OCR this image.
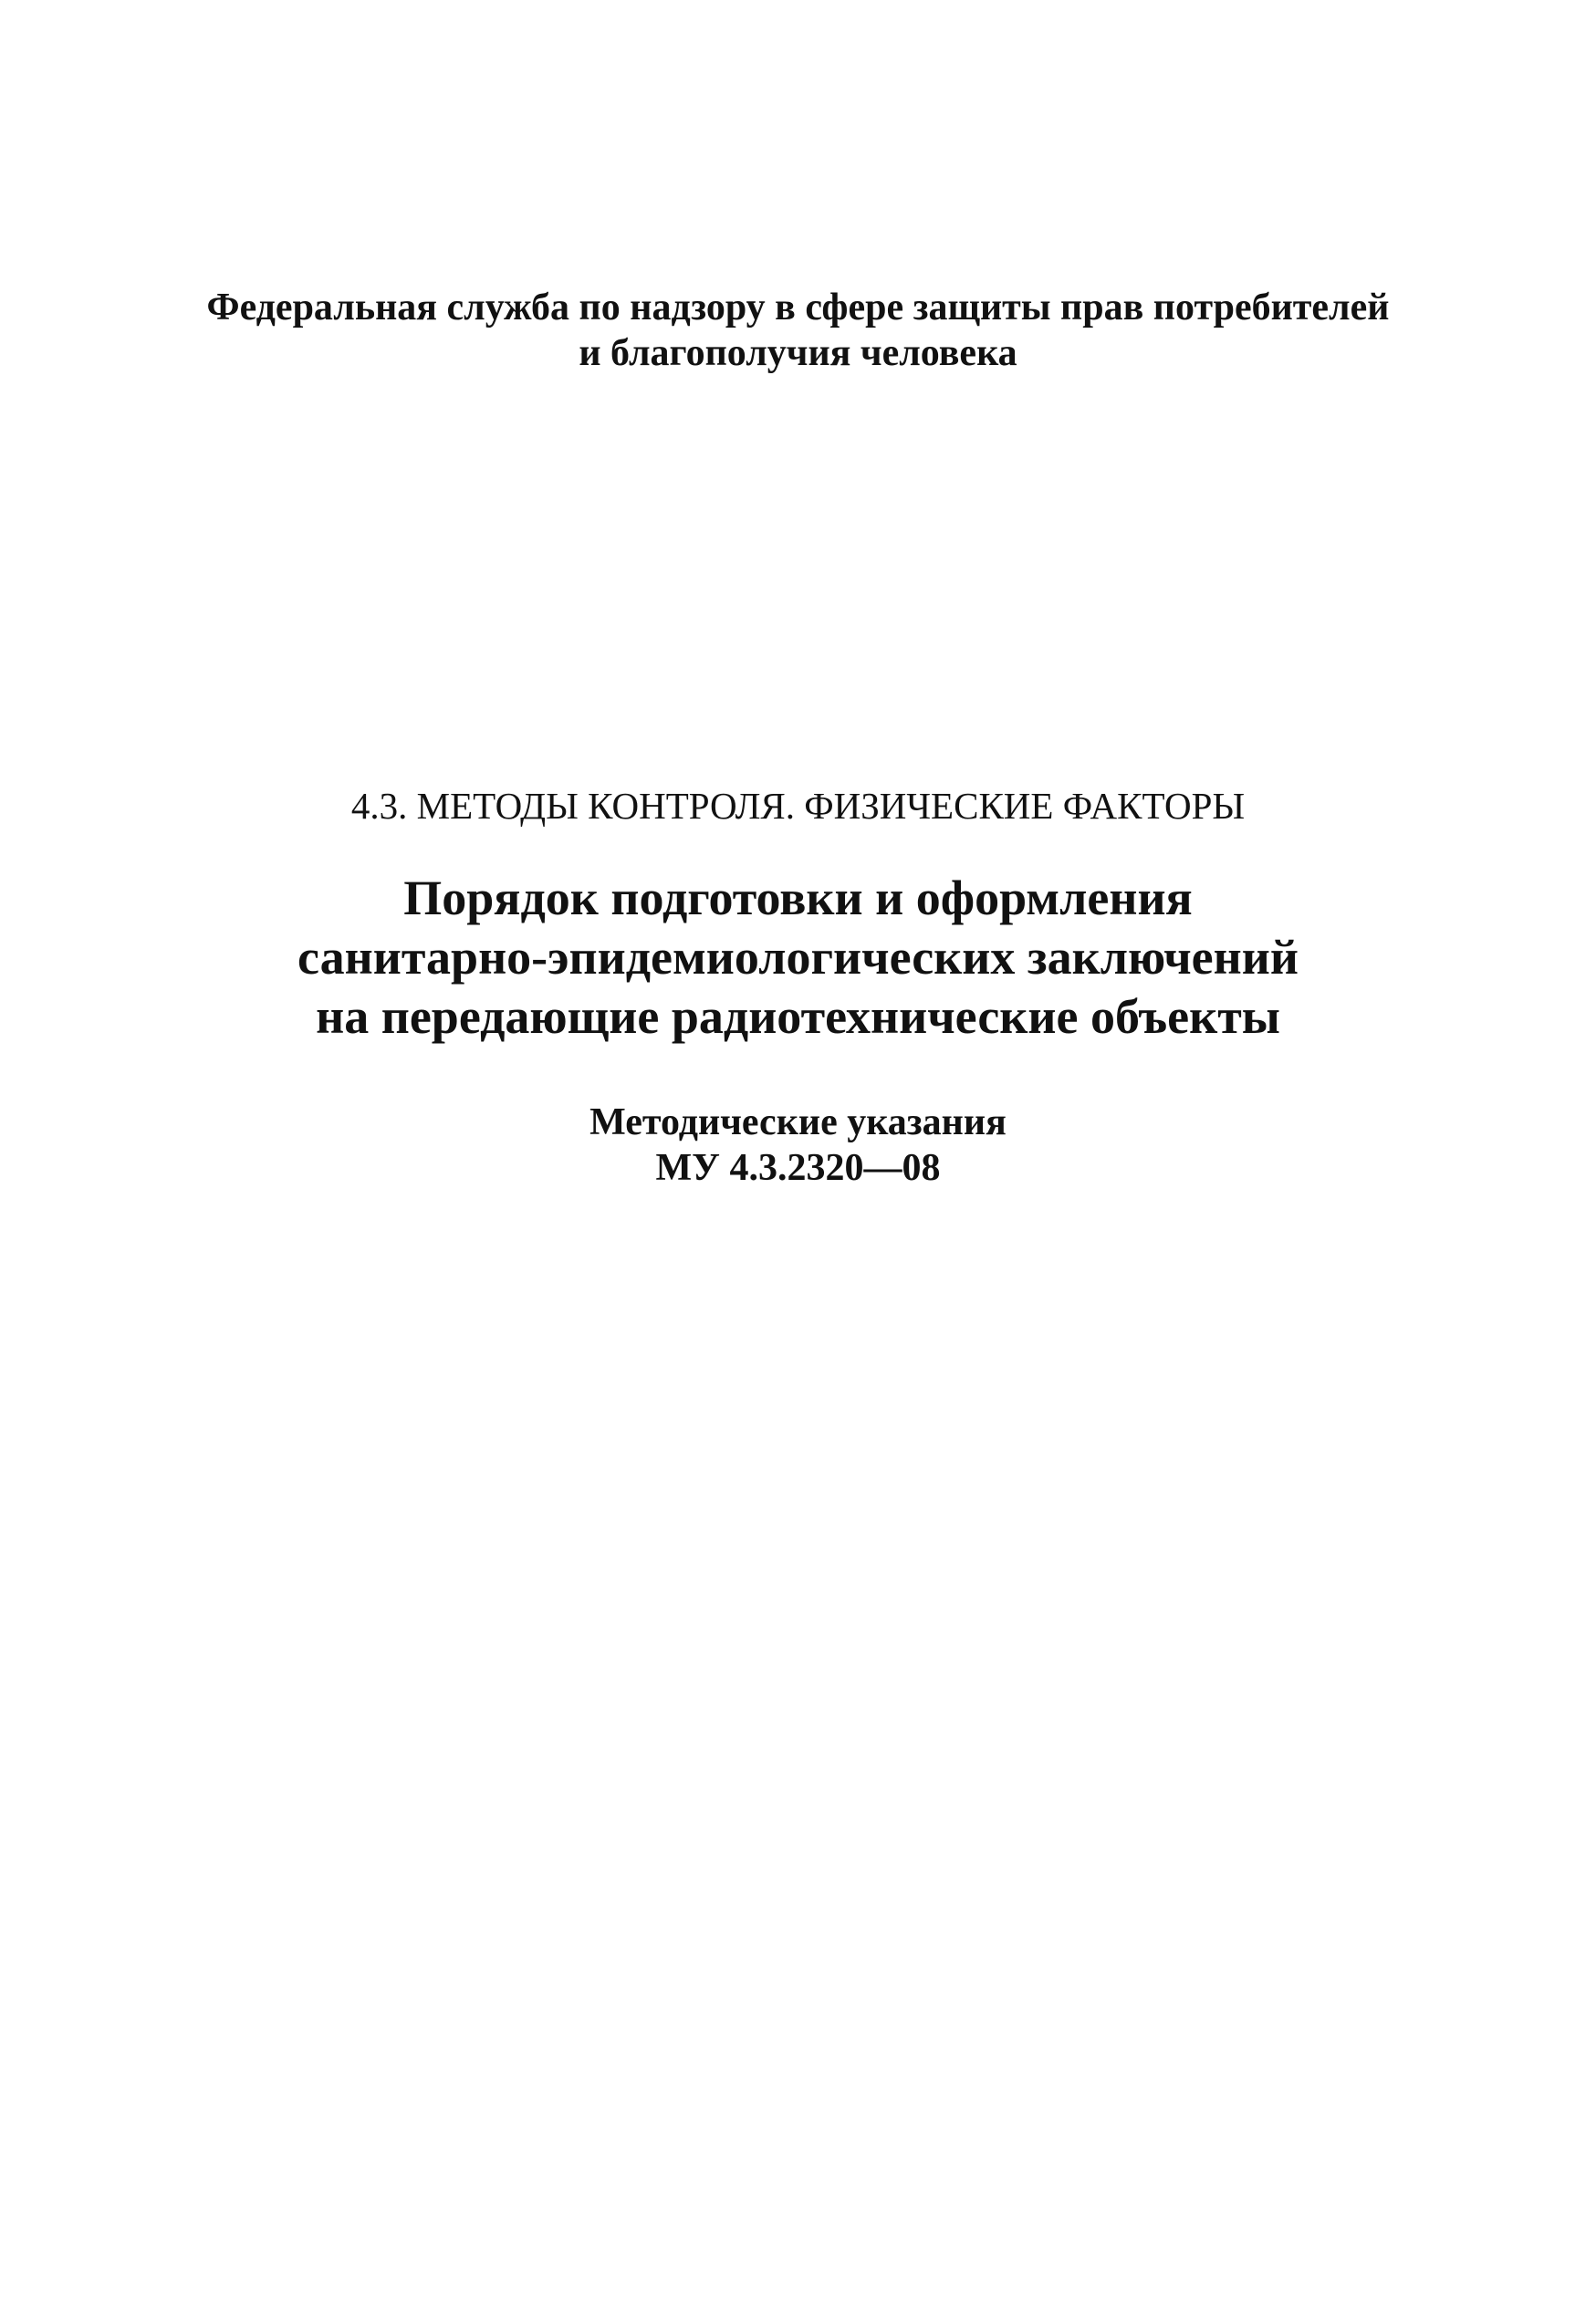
Федеральная служба по надзору в сфере защиты прав потребителей
и благополучия человека
4.3. МЕТОДЫ КОНТРОЛЯ. ФИЗИЧЕСКИЕ ФАКТОРЫ
Порядок подготовки и оформления
санитарно-эпидемиологических заключений
на передающие радиотехнические объекты
Методические указания
МУ 4.3.2320—08
